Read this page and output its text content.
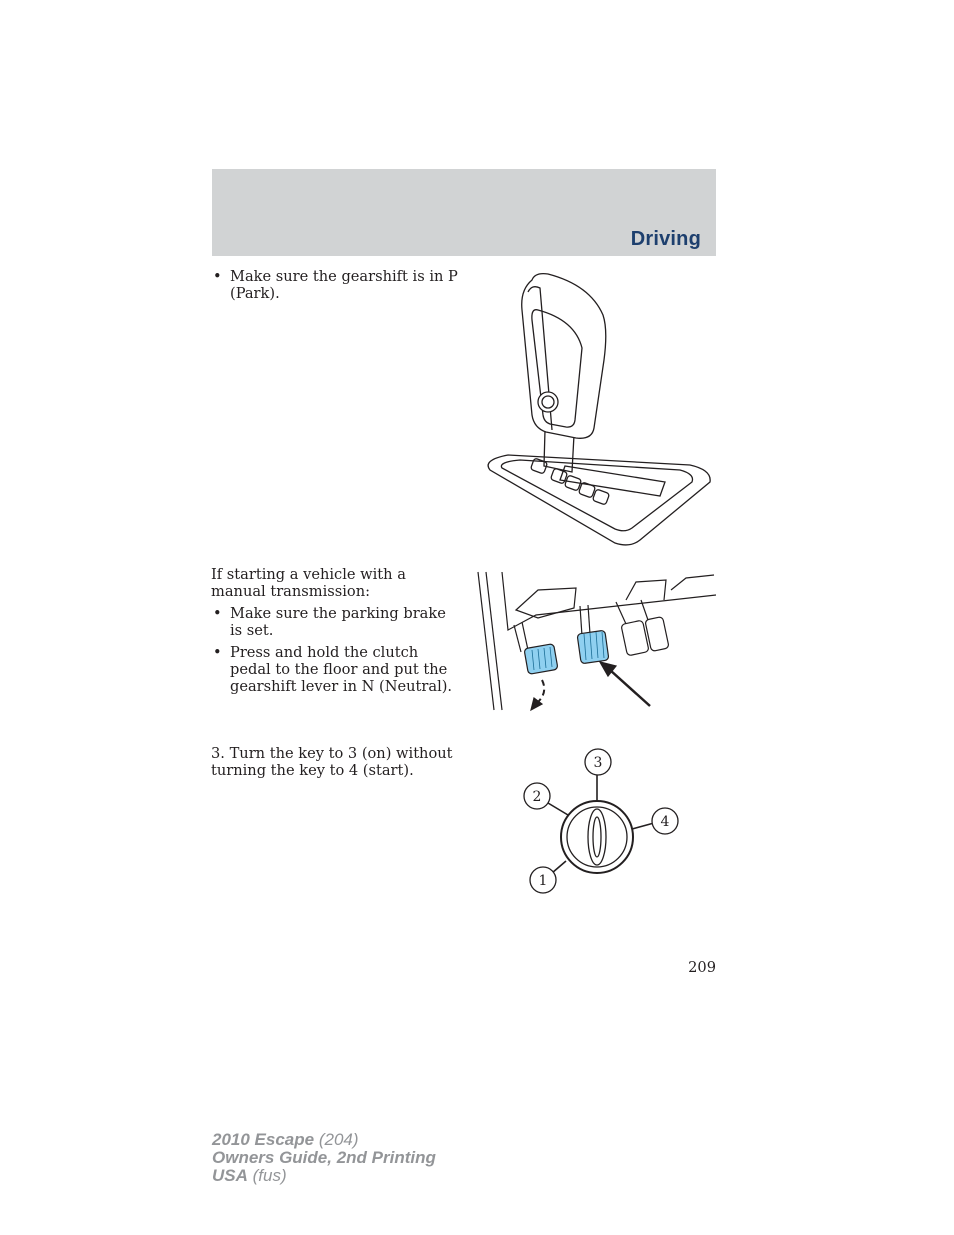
Driving
• Make sure the gearshift is in P (Park).
If starting a vehicle with a manual transmission:
• Make sure the parking brake is set.
• Press and hold the clutch pedal to the floor and put the gearshift lever in N (Neutral).
3. Turn the key to 3 (on) without turning the key to 4 (start).	3
2
4
1
209
2010 Escape (204)
Owners Guide, 2nd Printing
USA (fus)
